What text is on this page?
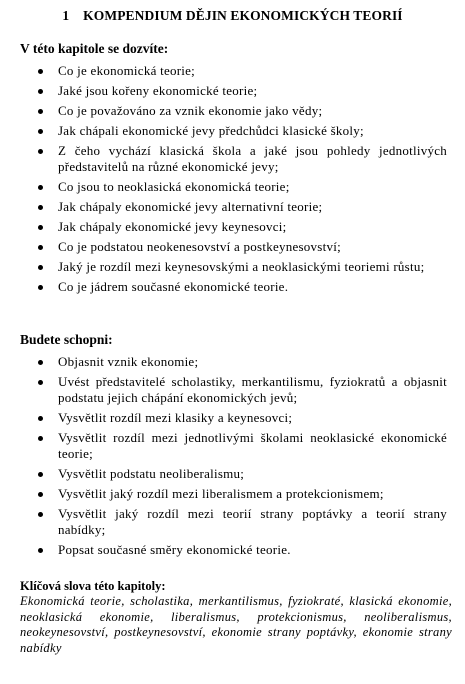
1 KOMPENDIUM DĚJIN EKONOMICKÝCH TEORIÍ
V této kapitole se dozvíte:
Co je ekonomická teorie;
Jaké jsou kořeny ekonomické teorie;
Co je považováno za vznik ekonomie jako vědy;
Jak chápali ekonomické jevy předchůdci klasické školy;
Z čeho vychází klasická škola a jaké jsou pohledy jednotlivých představitelů na různé ekonomické jevy;
Co jsou to neoklasická ekonomická teorie;
Jak chápaly ekonomické jevy alternativní teorie;
Jak chápaly ekonomické jevy keynesovci;
Co je podstatou neokenesovství a postkeynesovství;
Jaký je rozdíl mezi keynesovskými a neoklasickými teoriemi růstu;
Co je jádrem současné ekonomické teorie.
Budete schopni:
Objasnit vznik ekonomie;
Uvést představitelé scholastiky, merkantilismu, fyziokratů a objasnit podstatu jejich chápání ekonomických jevů;
Vysvětlit rozdíl mezi klasiky a keynesovci;
Vysvětlit rozdíl mezi jednotlivými školami neoklasické ekonomické teorie;
Vysvětlit podstatu neoliberalismu;
Vysvětlit jaký rozdíl mezi liberalismem a protekcionismem;
Vysvětlit jaký rozdíl mezi teorií strany poptávky a teorií strany nabídky;
Popsat současné směry ekonomické teorie.
Klíčová slova této kapitoly:
Ekonomická teorie, scholastika, merkantilismus, fyziokraté, klasická ekonomie, neoklasická ekonomie, liberalismus, protekcionismus, neoliberalismus, neokeynesovství, postkeynesovství, ekonomie strany poptávky, ekonomie strany nabídky
